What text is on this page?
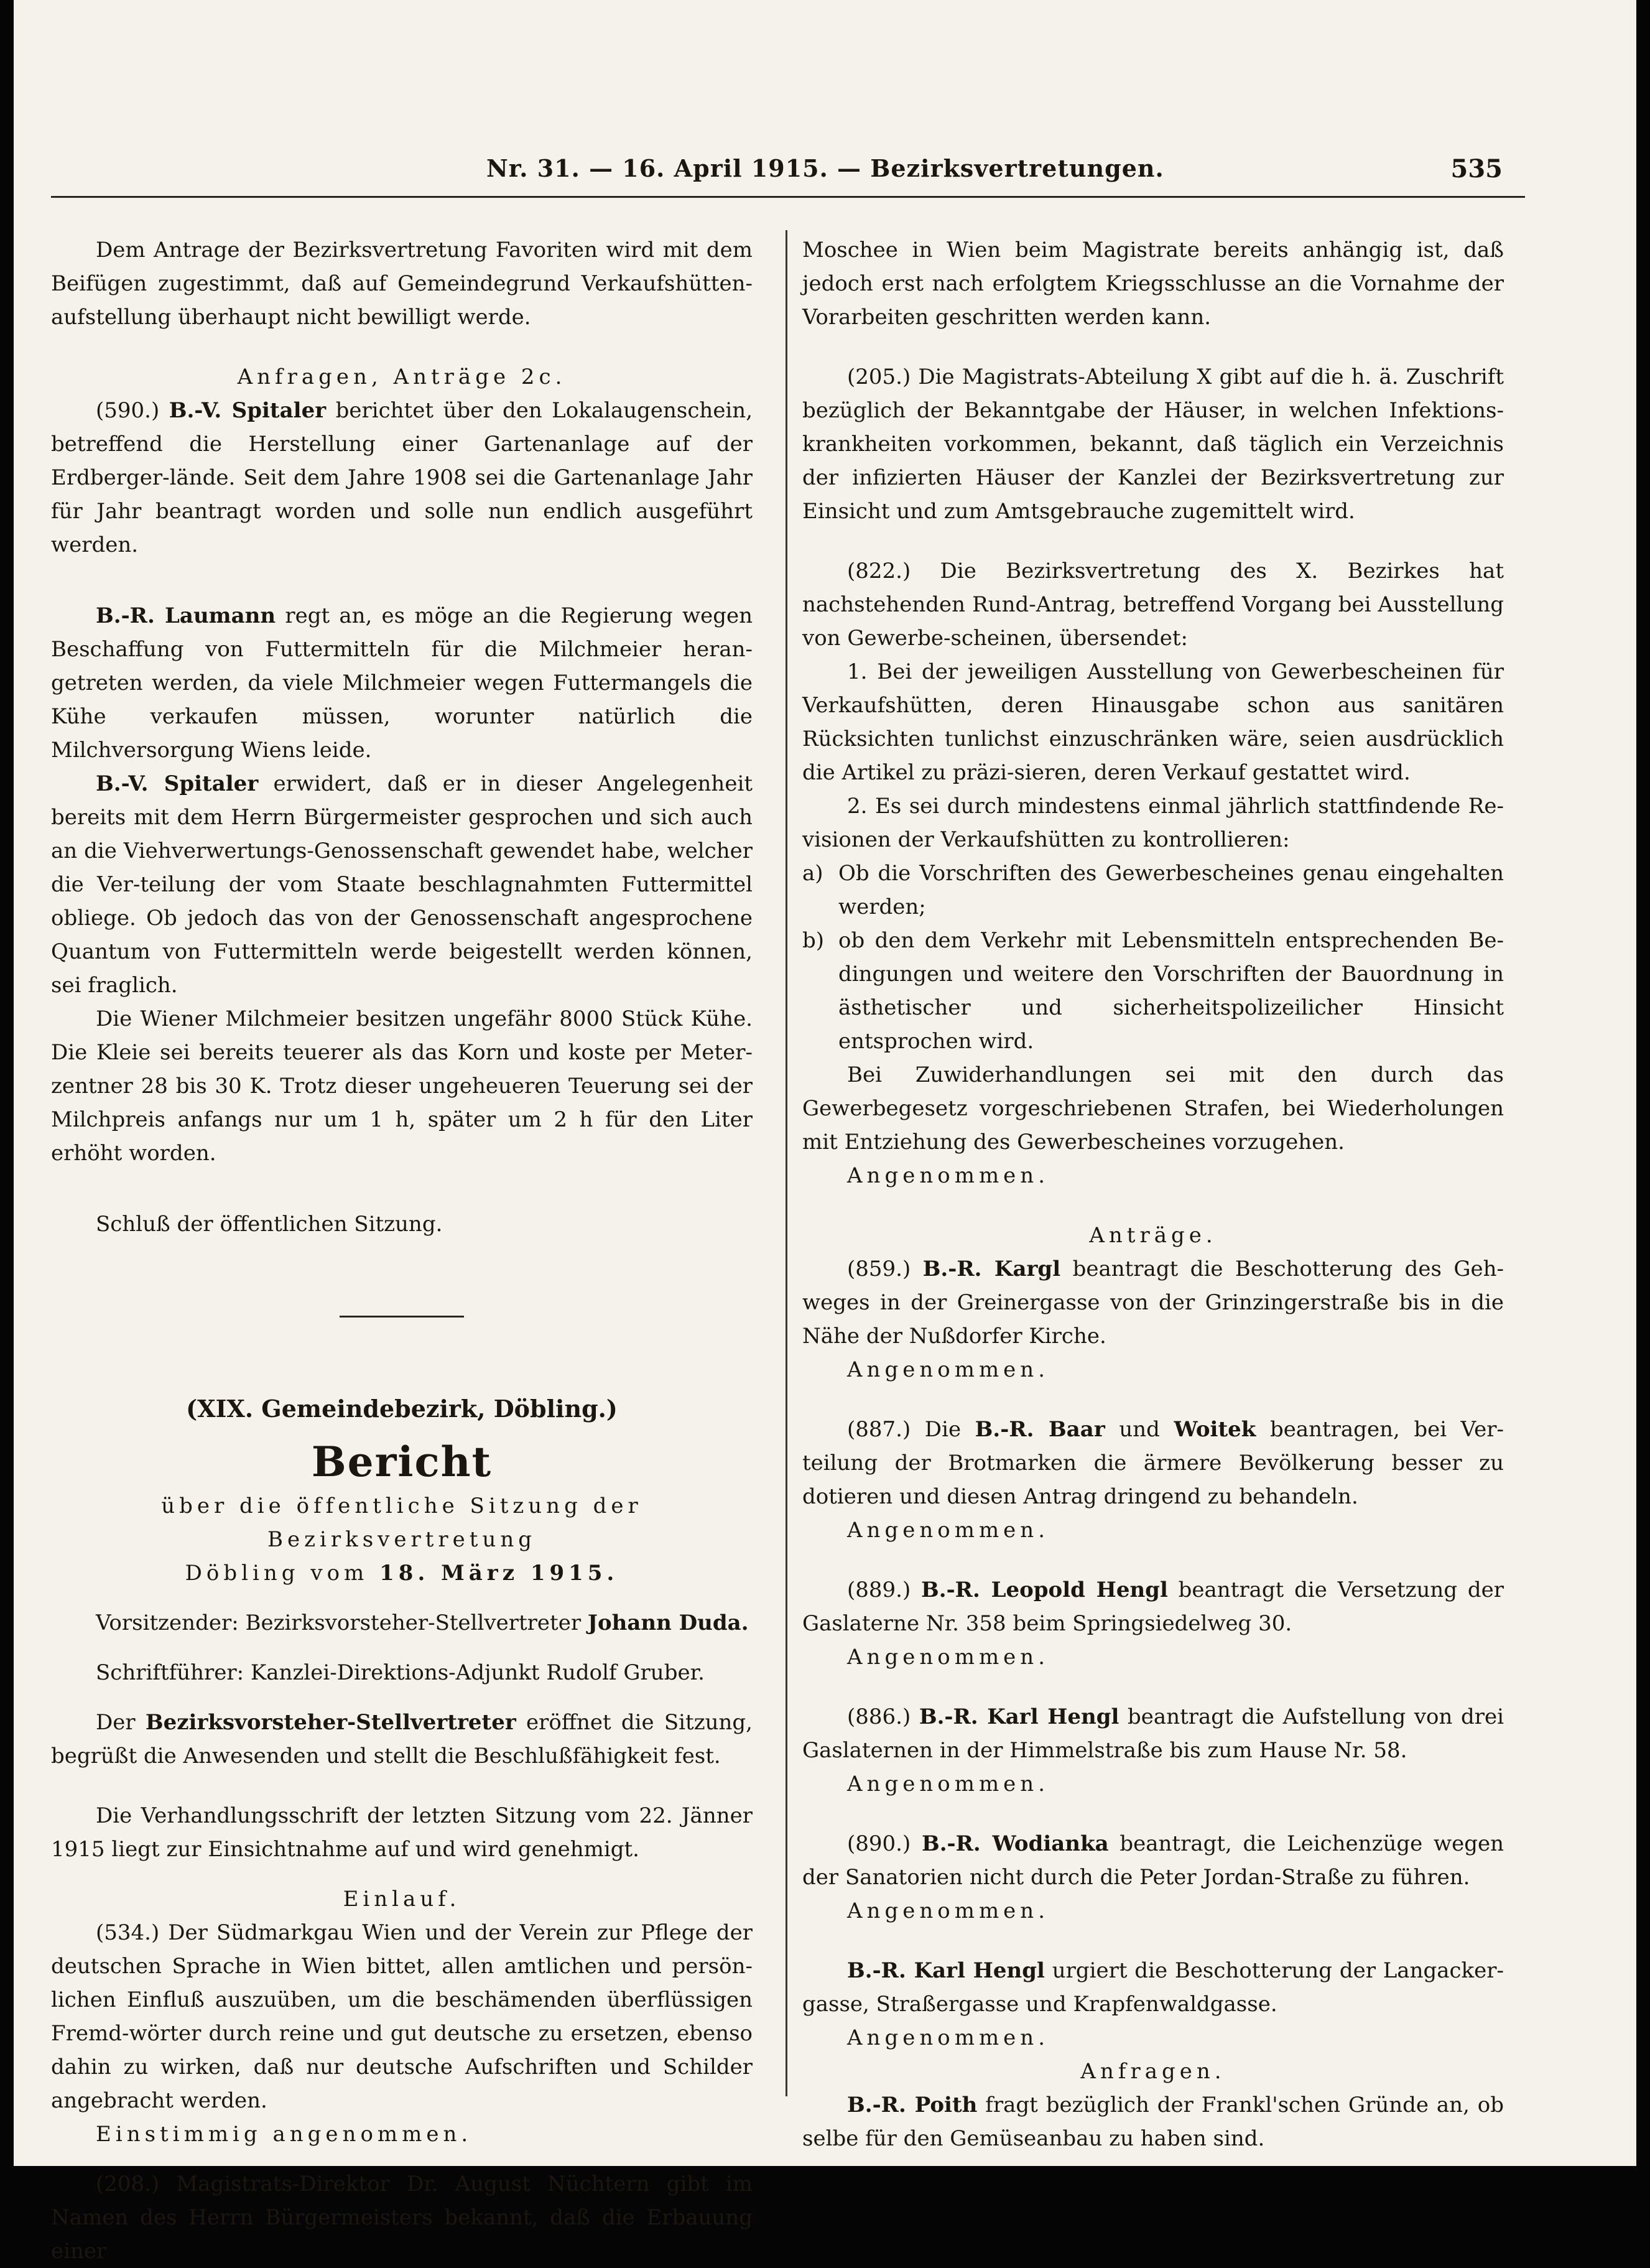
Nr. 31. — 16. April 1915. — Bezirksvertretungen.	535

Dem Antrage der Bezirksvertretung Favoriten wird mit dem Beifügen zugestimmt, daß auf Gemeindegrund Verkaufshütten-aufstellung überhaupt nicht bewilligt werde.

Anfragen, Anträge 2c.

(590.) B.-V. Spitaler berichtet über den Lokalaugenschein, betreffend die Herstellung einer Gartenanlage auf der Erdberger-lände. Seit dem Jahre 1908 sei die Gartenanlage Jahr für Jahr beantragt worden und solle nun endlich ausgeführt werden.

B.-R. Laumann regt an, es möge an die Regierung wegen Beschaffung von Futtermitteln für die Milchmeier heran-getreten werden, da viele Milchmeier wegen Futtermangels die Kühe verkaufen müssen, worunter natürlich die Milchversorgung Wiens leide.

B.-V. Spitaler erwidert, daß er in dieser Angelegenheit bereits mit dem Herrn Bürgermeister gesprochen und sich auch an die Viehverwertungs-Genossenschaft gewendet habe, welcher die Ver-teilung der vom Staate beschlagnahmten Futtermittel obliege. Ob jedoch das von der Genossenschaft angesprochene Quantum von Futtermitteln werde beigestellt werden können, sei fraglich.

Die Wiener Milchmeier besitzen ungefähr 8000 Stück Kühe. Die Kleie sei bereits teuerer als das Korn und koste per Meter-zentner 28 bis 30 K. Trotz dieser ungeheueren Teuerung sei der Milchpreis anfangs nur um 1 h, später um 2 h für den Liter erhöht worden.

Schluß der öffentlichen Sitzung.

(XIX. Gemeindebezirk, Döbling.)

Bericht

über die öffentliche Sitzung der Bezirksvertretung

Döbling vom 18. März 1915.

Vorsitzender: Bezirksvorsteher-Stellvertreter Johann Duda.

Schriftführer: Kanzlei-Direktions-Adjunkt Rudolf Gruber.

Der Bezirksvorsteher-Stellvertreter eröffnet die Sitzung, begrüßt die Anwesenden und stellt die Beschlußfähigkeit fest.

Die Verhandlungsschrift der letzten Sitzung vom 22. Jänner 1915 liegt zur Einsichtnahme auf und wird genehmigt.

Einlauf.

(534.) Der Südmarkgau Wien und der Verein zur Pflege der deutschen Sprache in Wien bittet, allen amtlichen und persön-lichen Einfluß auszuüben, um die beschämenden überflüssigen Fremd-wörter durch reine und gut deutsche zu ersetzen, ebenso dahin zu wirken, daß nur deutsche Aufschriften und Schilder angebracht werden.

Einstimmig angenommen.

(208.) Magistrats-Direktor Dr. August Nüchtern gibt im Namen des Herrn Bürgermeisters bekannt, daß die Erbauung einer

Moschee in Wien beim Magistrate bereits anhängig ist, daß jedoch erst nach erfolgtem Kriegsschlusse an die Vornahme der Vorarbeiten geschritten werden kann.

(205.) Die Magistrats-Abteilung X gibt auf die h. ä. Zuschrift bezüglich der Bekanntgabe der Häuser, in welchen Infektions-krankheiten vorkommen, bekannt, daß täglich ein Verzeichnis der infizierten Häuser der Kanzlei der Bezirksvertretung zur Einsicht und zum Amtsgebrauche zugemittelt wird.

(822.) Die Bezirksvertretung des X. Bezirkes hat nachstehenden Rund-Antrag, betreffend Vorgang bei Ausstellung von Gewerbe-scheinen, übersendet:

1. Bei der jeweiligen Ausstellung von Gewerbescheinen für Verkaufshütten, deren Hinausgabe schon aus sanitären Rücksichten tunlichst einzuschränken wäre, seien ausdrücklich die Artikel zu präzi-sieren, deren Verkauf gestattet wird.

2. Es sei durch mindestens einmal jährlich stattfindende Re-visionen der Verkaufshütten zu kontrollieren:

a) Ob die Vorschriften des Gewerbescheines genau eingehalten werden;
b) ob den dem Verkehr mit Lebensmitteln entsprechenden Be-dingungen und weitere den Vorschriften der Bauordnung in ästhetischer und sicherheitspolizeilicher Hinsicht entsprochen wird.

Bei Zuwiderhandlungen sei mit den durch das Gewerbegesetz vorgeschriebenen Strafen, bei Wiederholungen mit Entziehung des Gewerbescheines vorzugehen.

Angenommen.

Anträge.

(859.) B.-R. Kargl beantragt die Beschotterung des Geh-weges in der Greinergasse von der Grinzingerstraße bis in die Nähe der Nußdorfer Kirche.

Angenommen.

(887.) Die B.-R. Baar und Woitek beantragen, bei Ver-teilung der Brotmarken die ärmere Bevölkerung besser zu dotieren und diesen Antrag dringend zu behandeln.

Angenommen.

(889.) B.-R. Leopold Hengl beantragt die Versetzung der Gaslaterne Nr. 358 beim Springsiedelweg 30.

Angenommen.

(886.) B.-R. Karl Hengl beantragt die Aufstellung von drei Gaslaternen in der Himmelstraße bis zum Hause Nr. 58.

Angenommen.

(890.) B.-R. Wodianka beantragt, die Leichenzüge wegen der Sanatorien nicht durch die Peter Jordan-Straße zu führen.

Angenommen.

B.-R. Karl Hengl urgiert die Beschotterung der Langacker-gasse, Straßergasse und Krapfenwaldgasse.

Angenommen.

Anfragen.

B.-R. Poith fragt bezüglich der Frankl'schen Gründe an, ob selbe für den Gemüseanbau zu haben sind.
